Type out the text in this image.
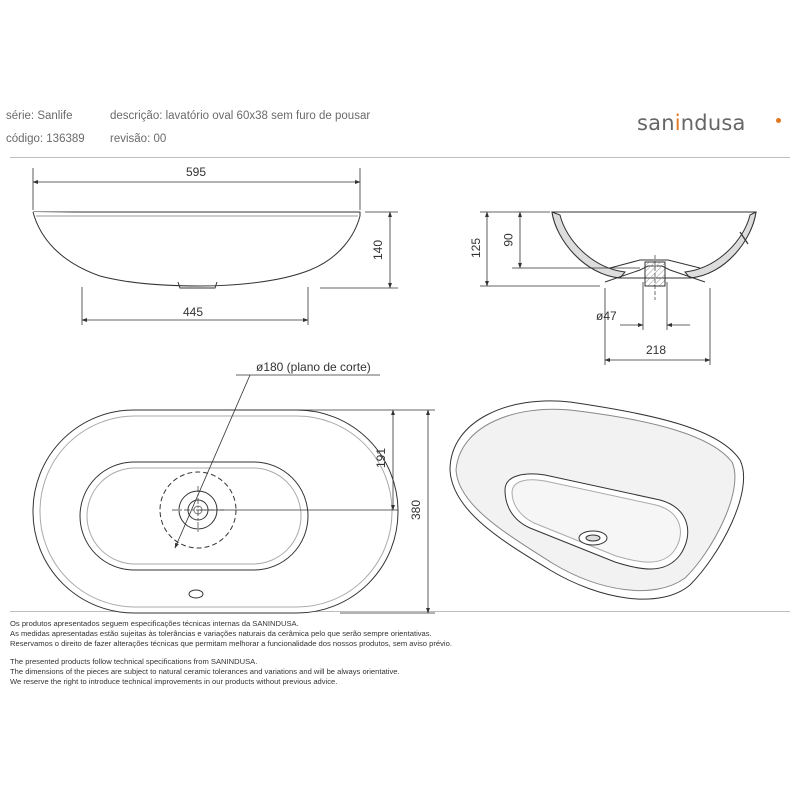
série: Sanlife
código: 136389
descrição: lavatório oval 60x38 sem furo de pousar
revisão: 00
sanindusa
595
140
445
125 90
ø47
218
ø180 (plano de corte)
191
380

Os produtos apresentados seguem especificações técnicas internas da SANINDUSA.

As medidas apresentadas estão sujeitas às tolerâncias e variações naturais da cerâmica pelo que serão sempre orientativas.

Reservamos o direito de fazer alterações técnicas que permitam melhorar a funcionalidade dos nossos produtos, sem aviso prévio.

The presented products follow technical specifications from SANINDUSA.

The dimensions of the pieces are subject to natural ceramic tolerances and variations and will be always orientative.

We reserve the right to introduce technical improvements in our products without previous advice.
